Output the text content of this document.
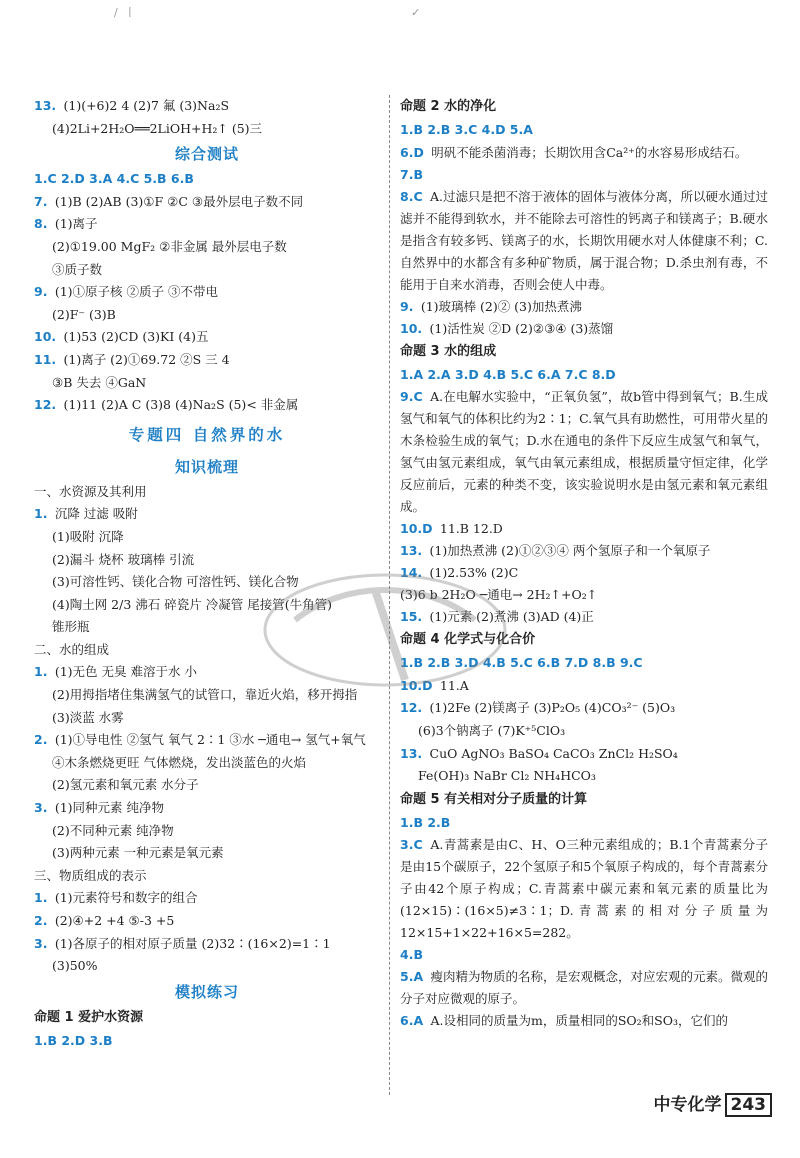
/   ∣                                                                                ✓
13. (1)(+6)2 4 (2)7 氟 (3)Na₂S
(4)2Li+2H₂O══2LiOH+H₂↑ (5)三
综合测试
1.C 2.D 3.A 4.C 5.B 6.B
7. (1)B (2)AB (3)①F ②C ③最外层电子数不同
8. (1)离子
(2)①19.00 MgF₂ ②非金属 最外层电子数
③质子数
9. (1)①原子核 ②质子 ③不带电
(2)F⁻ (3)B
10. (1)53 (2)CD (3)KI (4)五
11. (1)离子 (2)①69.72 ②S 三 4
③B 失去 ④GaN
12. (1)11 (2)A C (3)8 (4)Na₂S (5)< 非金属
专题四 自然界的水
知识梳理
一、水资源及其利用
1. 沉降 过滤 吸附
(1)吸附 沉降
(2)漏斗 烧杯 玻璃棒 引流
(3)可溶性钙、镁化合物 可溶性钙、镁化合物
(4)陶土网 2/3 沸石 碎瓷片 冷凝管 尾接管(牛角管)
锥形瓶
二、水的组成
1. (1)无色 无臭 难溶于水 小
(2)用拇指堵住集满氢气的试管口，靠近火焰，移开拇指
(3)淡蓝 水雾
2. (1)①导电性 ②氢气 氧气 2∶1 ③水 ─通电→ 氢气+氧气
④木条燃烧更旺 气体燃烧，发出淡蓝色的火焰
(2)氢元素和氧元素 水分子
3. (1)同种元素 纯净物
(2)不同种元素 纯净物
(3)两种元素 一种元素是氧元素
三、物质组成的表示
1. (1)元素符号和数字的组合
2. (2)④+2 +4 ⑤-3 +5
3. (1)各原子的相对原子质量 (2)32∶(16×2)=1∶1
(3)50%
模拟练习
命题 1 爱护水资源
1.B 2.D 3.B
命题 2 水的净化
1.B 2.B 3.C 4.D 5.A
6.D 明矾不能杀菌消毒；长期饮用含Ca²⁺的水容易形成结石。
7.B
8.C A.过滤只是把不溶于液体的固体与液体分离，所以硬水通过过滤并不能得到软水，并不能除去可溶性的钙离子和镁离子；B.硬水是指含有较多钙、镁离子的水，长期饮用硬水对人体健康不利；C.自然界中的水都含有多种矿物质，属于混合物；D.杀虫剂有毒，不能用于自来水消毒，否则会使人中毒。
9. (1)玻璃棒 (2)② (3)加热煮沸
10. (1)活性炭 ②D (2)②③④ (3)蒸馏
命题 3 水的组成
1.A 2.A 3.D 4.B 5.C 6.A 7.C 8.D
9.C A.在电解水实验中，“正氧负氢”，故b管中得到氧气；B.生成氢气和氧气的体积比约为2∶1；C.氧气具有助燃性，可用带火星的木条检验生成的氧气；D.水在通电的条件下反应生成氢气和氧气，氢气由氢元素组成，氧气由氧元素组成，根据质量守恒定律，化学反应前后，元素的种类不变，该实验说明水是由氢元素和氧元素组成。
10.D 11.B 12.D
13. (1)加热煮沸 (2)①②③④ 两个氢原子和一个氧原子
14. (1)2.53% (2)C
(3)6 b 2H₂O ─通电→ 2H₂↑+O₂↑
15. (1)元素 (2)煮沸 (3)AD (4)正
命题 4 化学式与化合价
1.B 2.B 3.D 4.B 5.C 6.B 7.D 8.B 9.C
10.D 11.A
12. (1)2Fe (2)镁离子 (3)P₂O₅ (4)CO₃²⁻ (5)O₃
(6)3个钠离子 (7)K⁺⁵ClO₃
13. CuO AgNO₃ BaSO₄ CaCO₃ ZnCl₂ H₂SO₄
Fe(OH)₃ NaBr Cl₂ NH₄HCO₃
命题 5 有关相对分子质量的计算
1.B 2.B
3.C A.青蒿素是由C、H、O三种元素组成的；B.1个青蒿素分子是由15个碳原子，22个氢原子和5个氧原子构成的，每个青蒿素分子由42个原子构成；C.青蒿素中碳元素和氧元素的质量比为(12×15)∶(16×5)≠3∶1；D.青蒿素的相对分子质量为12×15+1×22+16×5=282。
4.B
5.A 瘦肉精为物质的名称，是宏观概念，对应宏观的元素。微观的分子对应微观的原子。
6.A A.设相同的质量为m，质量相同的SO₂和SO₃，它们的
中专化学 243
